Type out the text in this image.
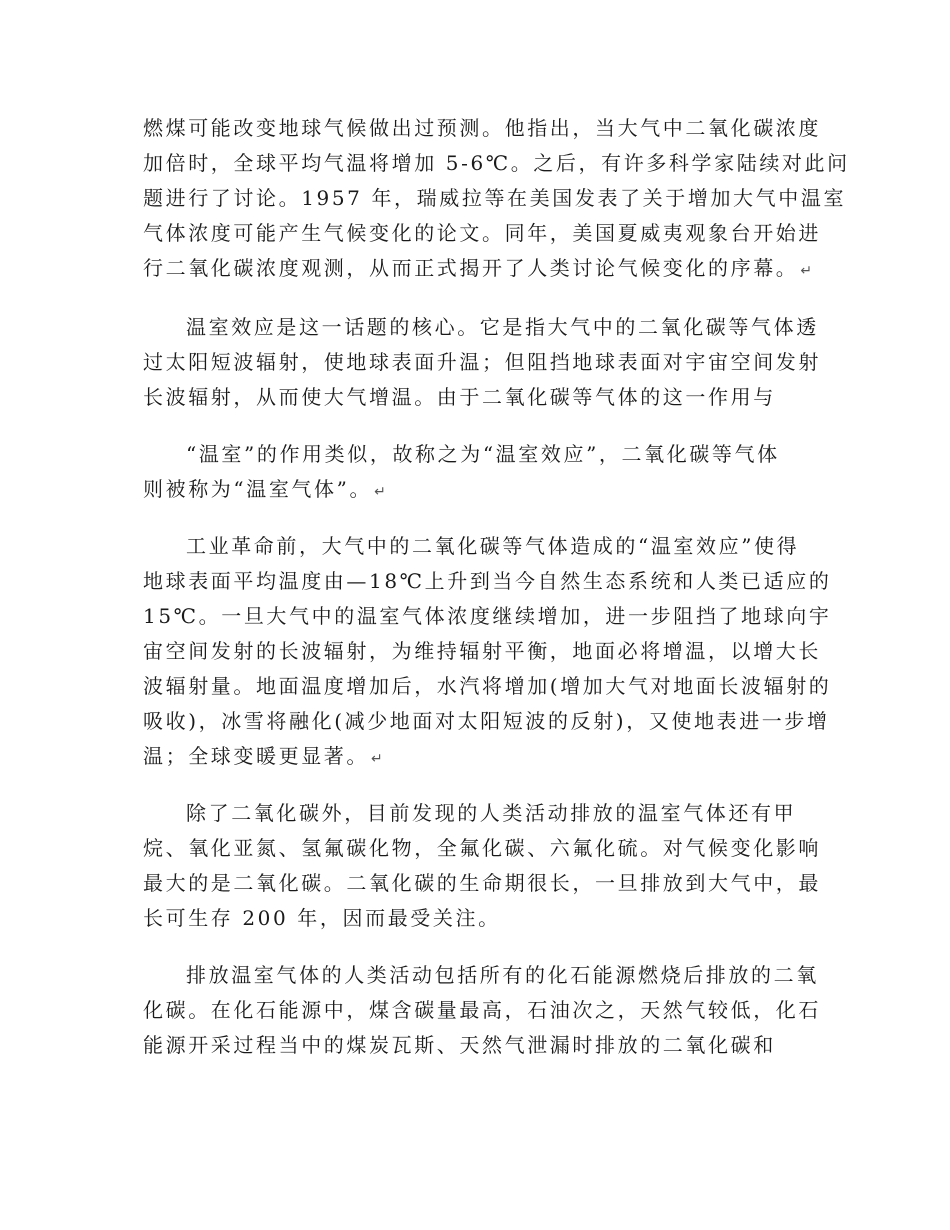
燃煤可能改变地球气候做出过预测。他指出，当大气中二氧化碳浓度
加倍时，全球平均气温将增加 5-6℃。之后，有许多科学家陆续对此问
题进行了讨论。1957 年，瑞威拉等在美国发表了关于增加大气中温室
气体浓度可能产生气候变化的论文。同年，美国夏威夷观象台开始进
行二氧化碳浓度观测，从而正式揭开了人类讨论气候变化的序幕。 ↵
温室效应是这一话题的核心。它是指大气中的二氧化碳等气体透
过太阳短波辐射，使地球表面升温；但阻挡地球表面对宇宙空间发射
长波辐射，从而使大气增温。由于二氧化碳等气体的这一作用与
“温室”的作用类似，故称之为“温室效应”，二氧化碳等气体
则被称为“温室气体”。 ↵
工业革命前，大气中的二氧化碳等气体造成的“温室效应”使得
地球表面平均温度由—18℃上升到当今自然生态系统和人类已适应的
15℃。一旦大气中的温室气体浓度继续增加，进一步阻挡了地球向宇
宙空间发射的长波辐射，为维持辐射平衡，地面必将增温，以增大长
波辐射量。地面温度增加后，水汽将增加(增加大气对地面长波辐射的
吸收)，冰雪将融化(减少地面对太阳短波的反射)，又使地表进一步增
温；全球变暖更显著。 ↵
除了二氧化碳外，目前发现的人类活动排放的温室气体还有甲
烷、氧化亚氮、氢氟碳化物，全氟化碳、六氟化硫。对气候变化影响
最大的是二氧化碳。二氧化碳的生命期很长，一旦排放到大气中，最
长可生存 200 年，因而最受关注。
排放温室气体的人类活动包括所有的化石能源燃烧后排放的二氧
化碳。在化石能源中，煤含碳量最高，石油次之，天然气较低，化石
能源开采过程当中的煤炭瓦斯、天然气泄漏时排放的二氧化碳和
